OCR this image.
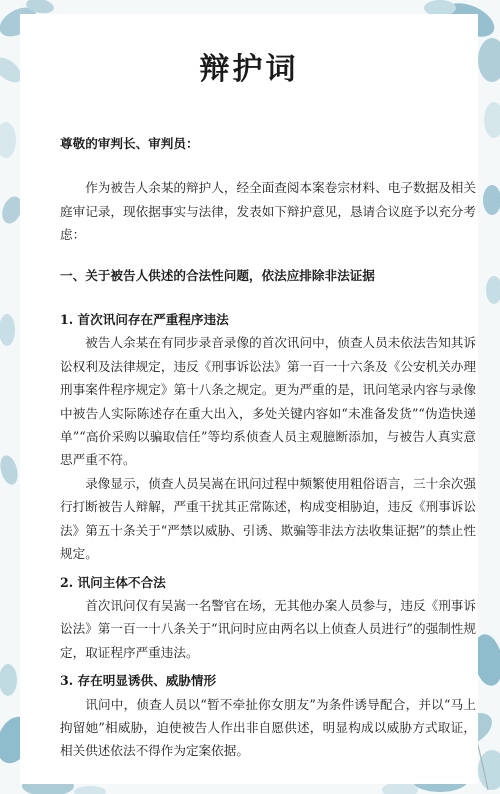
辩护词

尊敬的审判长、审判员：

作为被告人余某的辩护人，经全面查阅本案卷宗材料、电子数据及相关庭审记录，现依据事实与法律，发表如下辩护意见，恳请合议庭予以充分考虑：

一、关于被告人供述的合法性问题，依法应排除非法证据

1. 首次讯问存在严重程序违法

被告人余某在有同步录音录像的首次讯问中，侦查人员未依法告知其诉讼权利及法律规定，违反《刑事诉讼法》第一百一十六条及《公安机关办理刑事案件程序规定》第十八条之规定。更为严重的是，讯问笔录内容与录像中被告人实际陈述存在重大出入，多处关键内容如“未准备发货”“伪造快递单”“高价采购以骗取信任”等均系侦查人员主观臆断添加，与被告人真实意思严重不符。

录像显示，侦查人员吴嵩在讯问过程中频繁使用粗俗语言，三十余次强行打断被告人辩解，严重干扰其正常陈述，构成变相胁迫，违反《刑事诉讼法》第五十条关于“严禁以威胁、引诱、欺骗等非法方法收集证据”的禁止性规定。

2. 讯问主体不合法

首次讯问仅有吴嵩一名警官在场，无其他办案人员参与，违反《刑事诉讼法》第一百一十八条关于“讯问时应由两名以上侦查人员进行”的强制性规定，取证程序严重违法。

3. 存在明显诱供、威胁情形

讯问中，侦查人员以“暂不牵扯你女朋友”为条件诱导配合，并以“马上拘留她”相威胁，迫使被告人作出非自愿供述，明显构成以威胁方式取证，相关供述依法不得作为定案依据。
